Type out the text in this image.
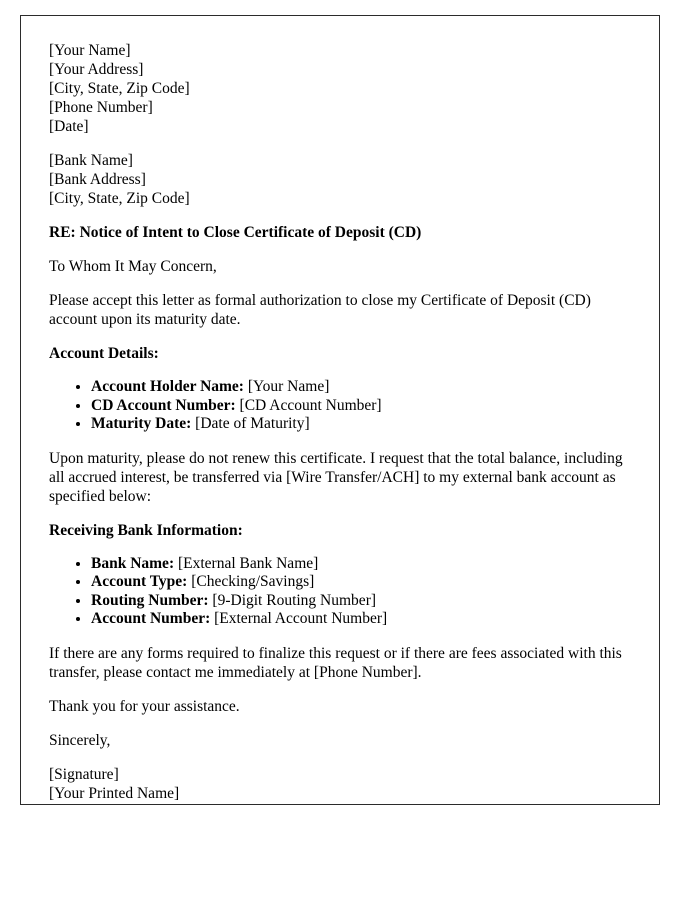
[Your Name]
[Your Address]
[City, State, Zip Code]
[Phone Number]
[Date]
[Bank Name]
[Bank Address]
[City, State, Zip Code]

RE: Notice of Intent to Close Certificate of Deposit (CD)

To Whom It May Concern,

Please accept this letter as formal authorization to close my Certificate of Deposit (CD) account upon its maturity date.

Account Details:

• Account Holder Name: [Your Name]
• CD Account Number: [CD Account Number]
• Maturity Date: [Date of Maturity]

Upon maturity, please do not renew this certificate. I request that the total balance, including all accrued interest, be transferred via [Wire Transfer/ACH] to my external bank account as specified below:

Receiving Bank Information:

• Bank Name: [External Bank Name]
• Account Type: [Checking/Savings]
• Routing Number: [9-Digit Routing Number]
• Account Number: [External Account Number]

If there are any forms required to finalize this request or if there are fees associated with this transfer, please contact me immediately at [Phone Number].

Thank you for your assistance.

Sincerely,

[Signature]
[Your Printed Name]
